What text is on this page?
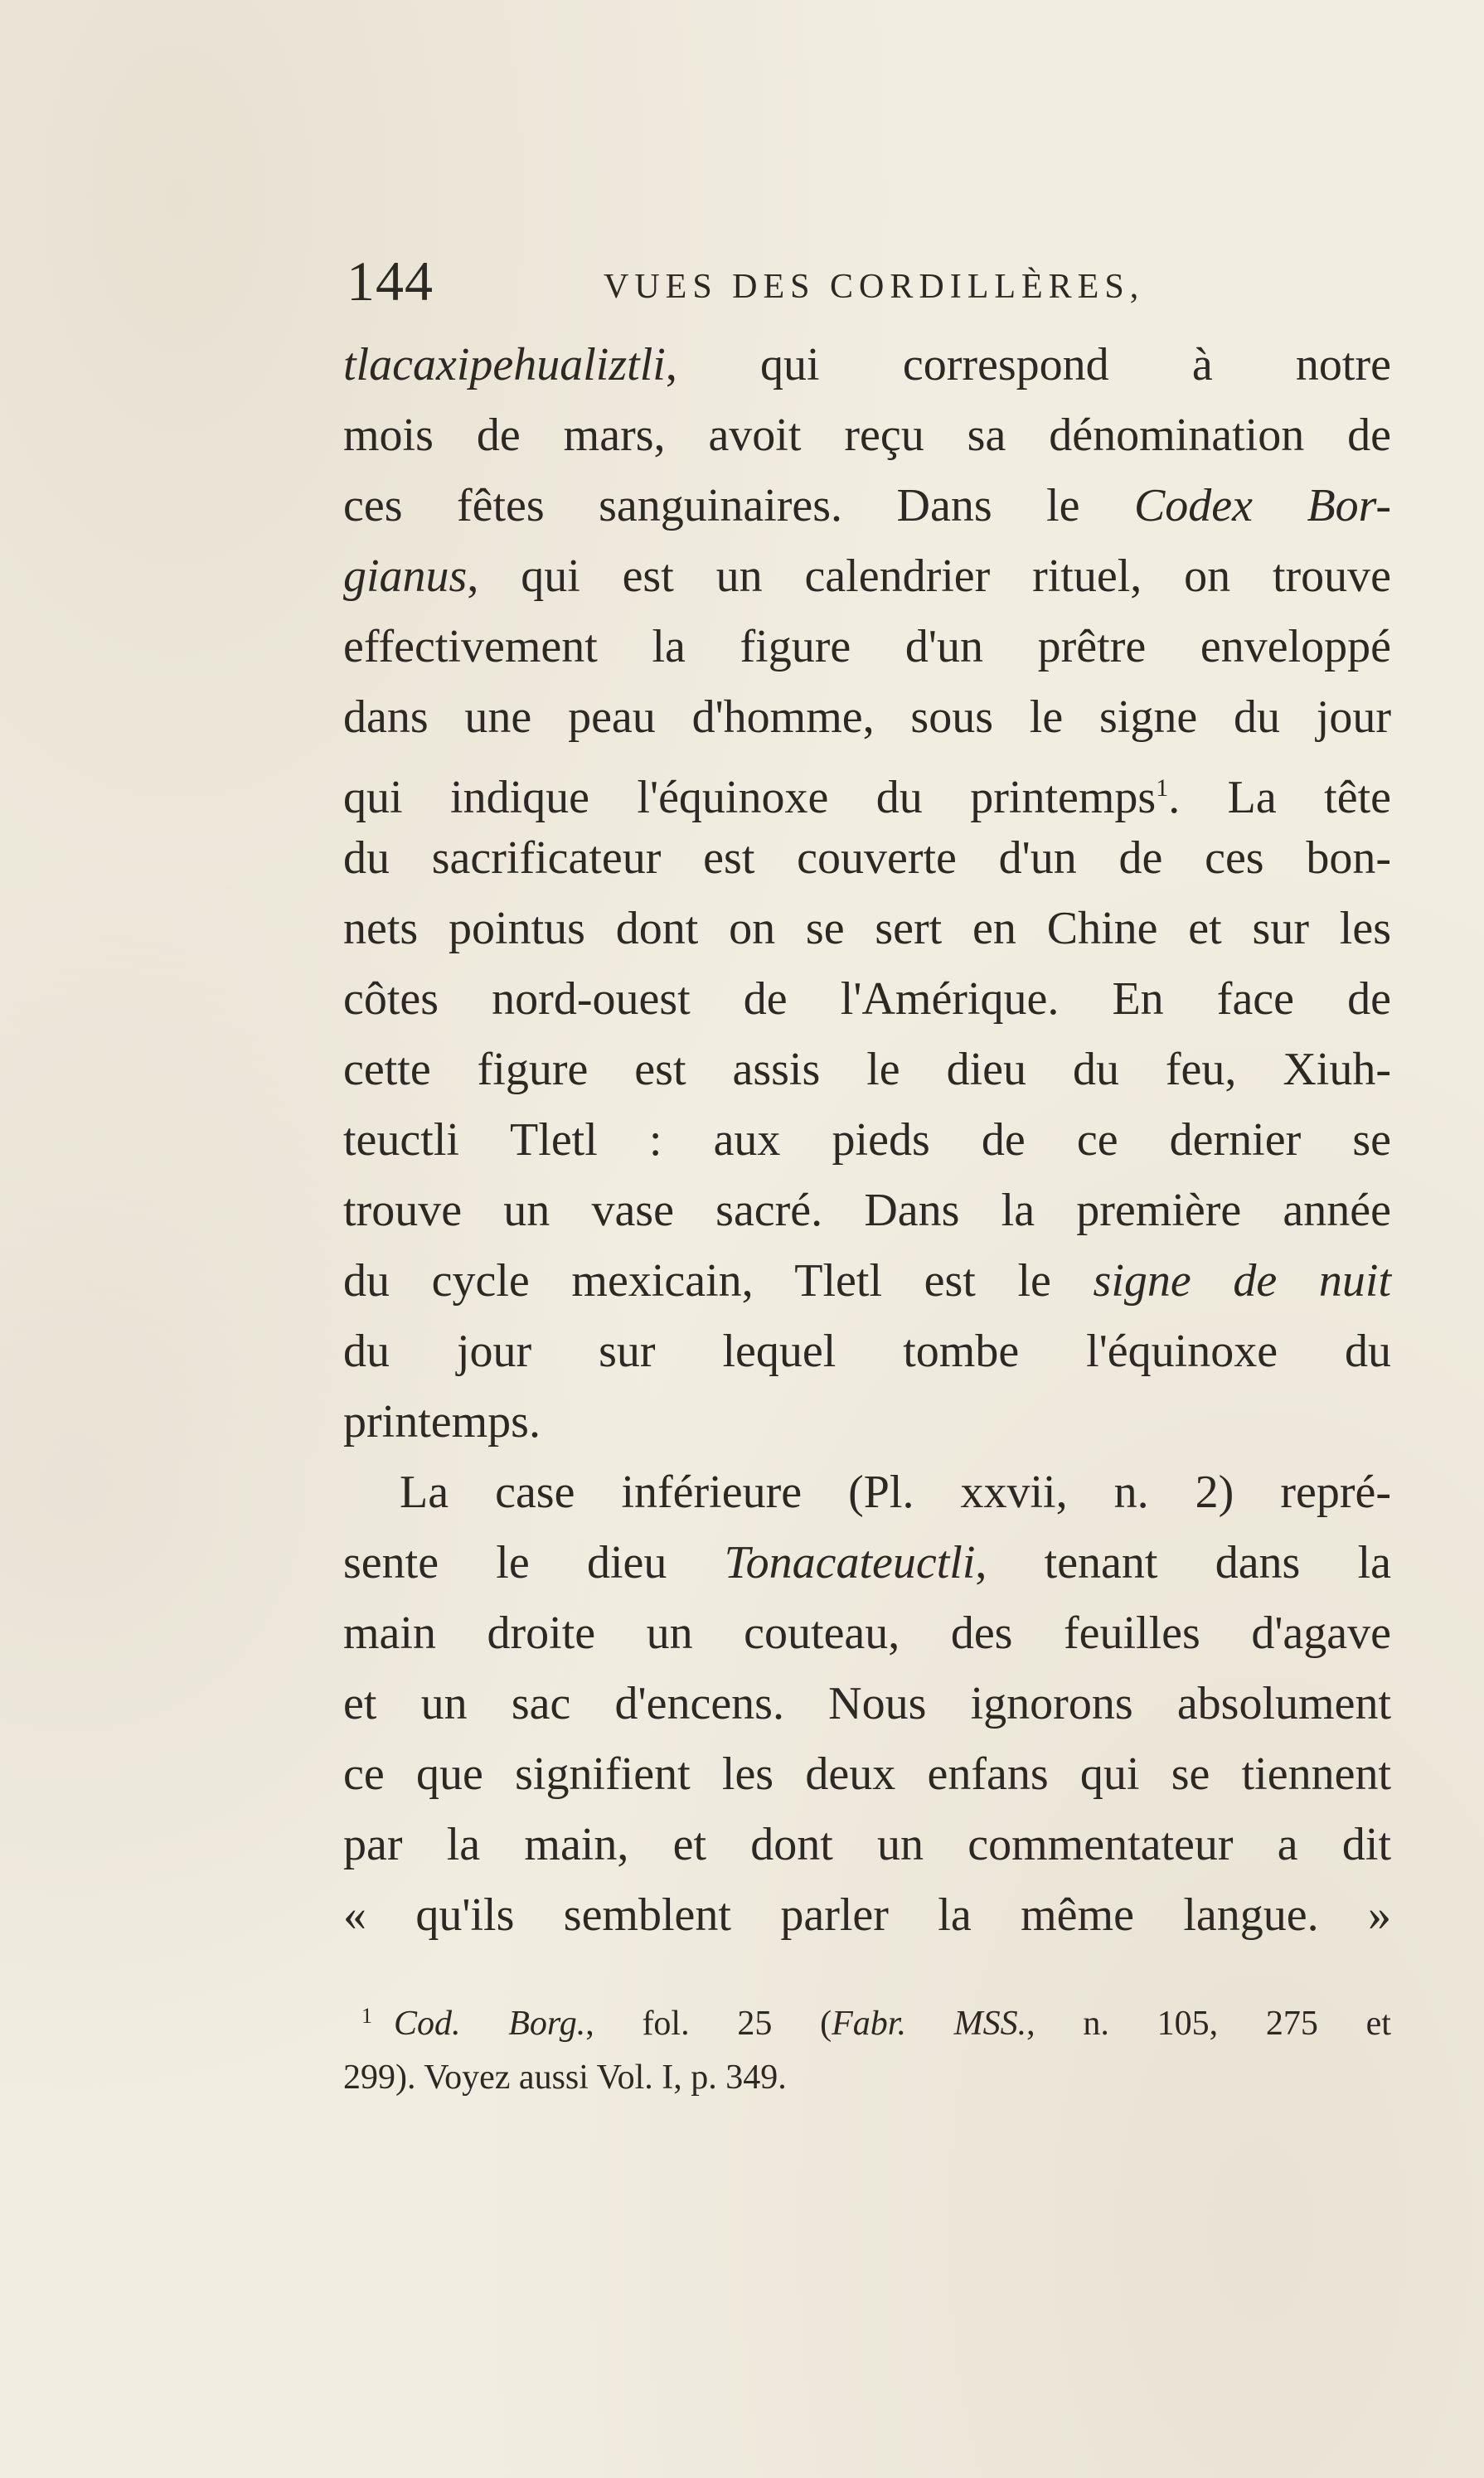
144	VUES DES CORDILLÈRES,
tlacaxipehualiztli, qui correspond à notre
mois de mars, avoit reçu sa dénomination de
ces fêtes sanguinaires. Dans le Codex Bor-
gianus, qui est un calendrier rituel, on trouve
effectivement la figure d'un prêtre enveloppé
dans une peau d'homme, sous le signe du jour
qui indique l'équinoxe du printemps$^1$. La tête
du sacrificateur est couverte d'un de ces bon-
nets pointus dont on se sert en Chine et sur les
côtes nord-ouest de l'Amérique. En face de
cette figure est assis le dieu du feu, Xiuh-
teuctli Tletl : aux pieds de ce dernier se
trouve un vase sacré. Dans la première année
du cycle mexicain, Tletl est le signe de nuit
du jour sur lequel tombe l'équinoxe du
printemps.
La case inférieure (Pl. xxvii, n. 2) repré-
sente le dieu Tonacateuctli, tenant dans la
main droite un couteau, des feuilles d'agave
et un sac d'encens. Nous ignorons absolument
ce que signifient les deux enfans qui se tiennent
par la main, et dont un commentateur a dit
« qu'ils semblent parler la même langue. »
$^1$ Cod. Borg., fol. 25 (Fabr. MSS., n. 105, 275 et
299). Voyez aussi Vol. I, p. 349.
